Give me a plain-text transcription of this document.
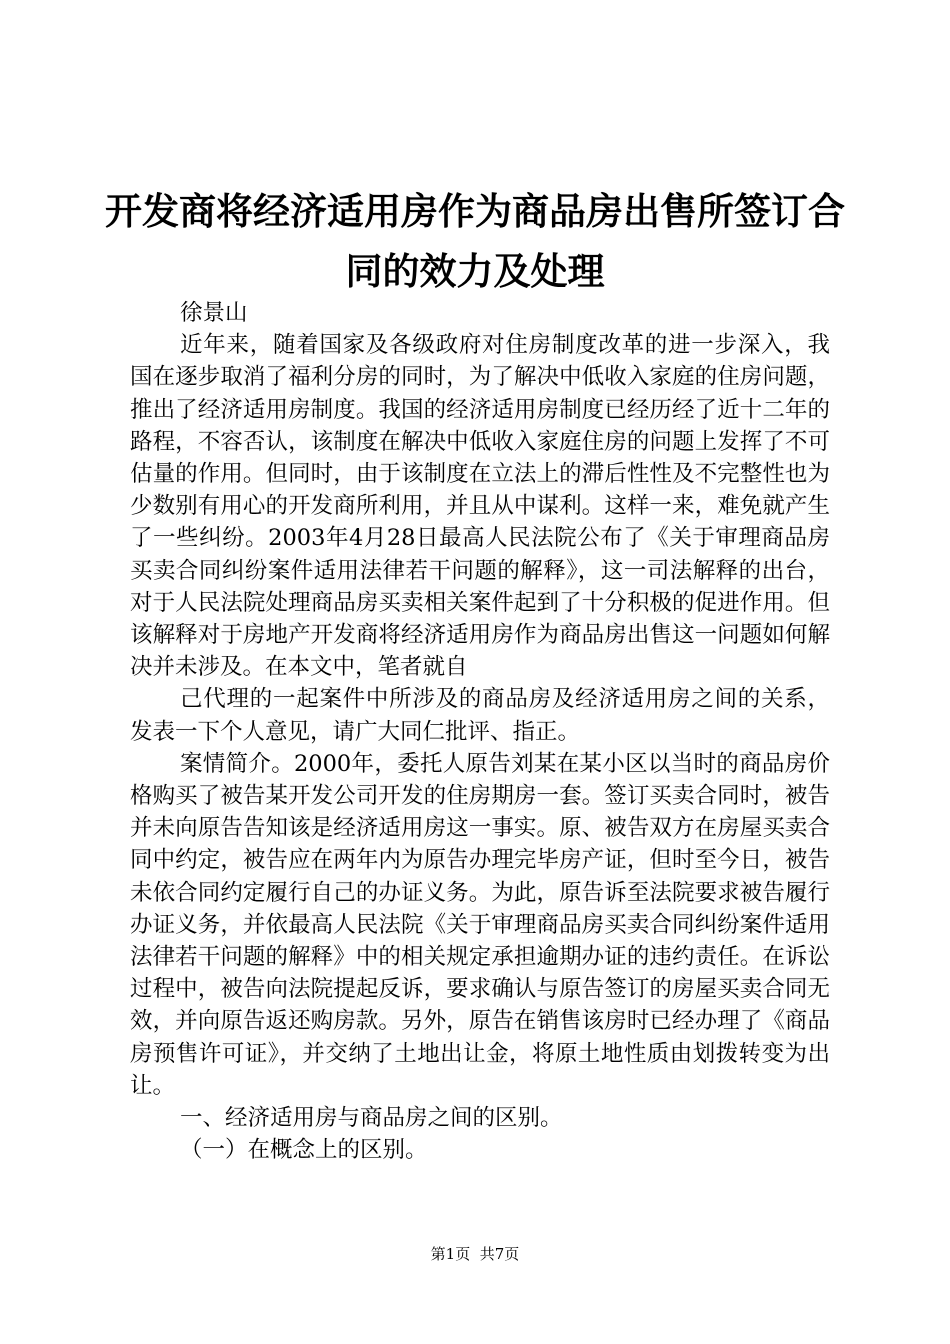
开发商将经济适用房作为商品房出售所签订合
同的效力及处理

徐景山

近年来，随着国家及各级政府对住房制度改革的进一步深入，我国在逐步取消了福利分房的同时，为了解决中低收入家庭的住房问题，推出了经济适用房制度。我国的经济适用房制度已经历经了近十二年的路程，不容否认，该制度在解决中低收入家庭住房的问题上发挥了不可估量的作用。但同时，由于该制度在立法上的滞后性性及不完整性也为少数别有用心的开发商所利用，并且从中谋利。这样一来，难免就产生了一些纠纷。2003年4月28日最高人民法院公布了《关于审理商品房买卖合同纠纷案件适用法律若干问题的解释》，这一司法解释的出台，对于人民法院处理商品房买卖相关案件起到了十分积极的促进作用。但该解释对于房地产开发商将经济适用房作为商品房出售这一问题如何解决并未涉及。在本文中，笔者就自

己代理的一起案件中所涉及的商品房及经济适用房之间的关系，发表一下个人意见，请广大同仁批评、指正。

案情简介。2000年，委托人原告刘某在某小区以当时的商品房价格购买了被告某开发公司开发的住房期房一套。签订买卖合同时，被告并未向原告告知该是经济适用房这一事实。原、被告双方在房屋买卖合同中约定，被告应在两年内为原告办理完毕房产证，但时至今日，被告未依合同约定履行自己的办证义务。为此，原告诉至法院要求被告履行办证义务，并依最高人民法院《关于审理商品房买卖合同纠纷案件适用法律若干问题的解释》中的相关规定承担逾期办证的违约责任。在诉讼过程中，被告向法院提起反诉，要求确认与原告签订的房屋买卖合同无效，并向原告返还购房款。另外，原告在销售该房时已经办理了《商品房预售许可证》，并交纳了土地出让金，将原土地性质由划拨转变为出让。

一、经济适用房与商品房之间的区别。

（一）在概念上的区别。

第1页 共7页
